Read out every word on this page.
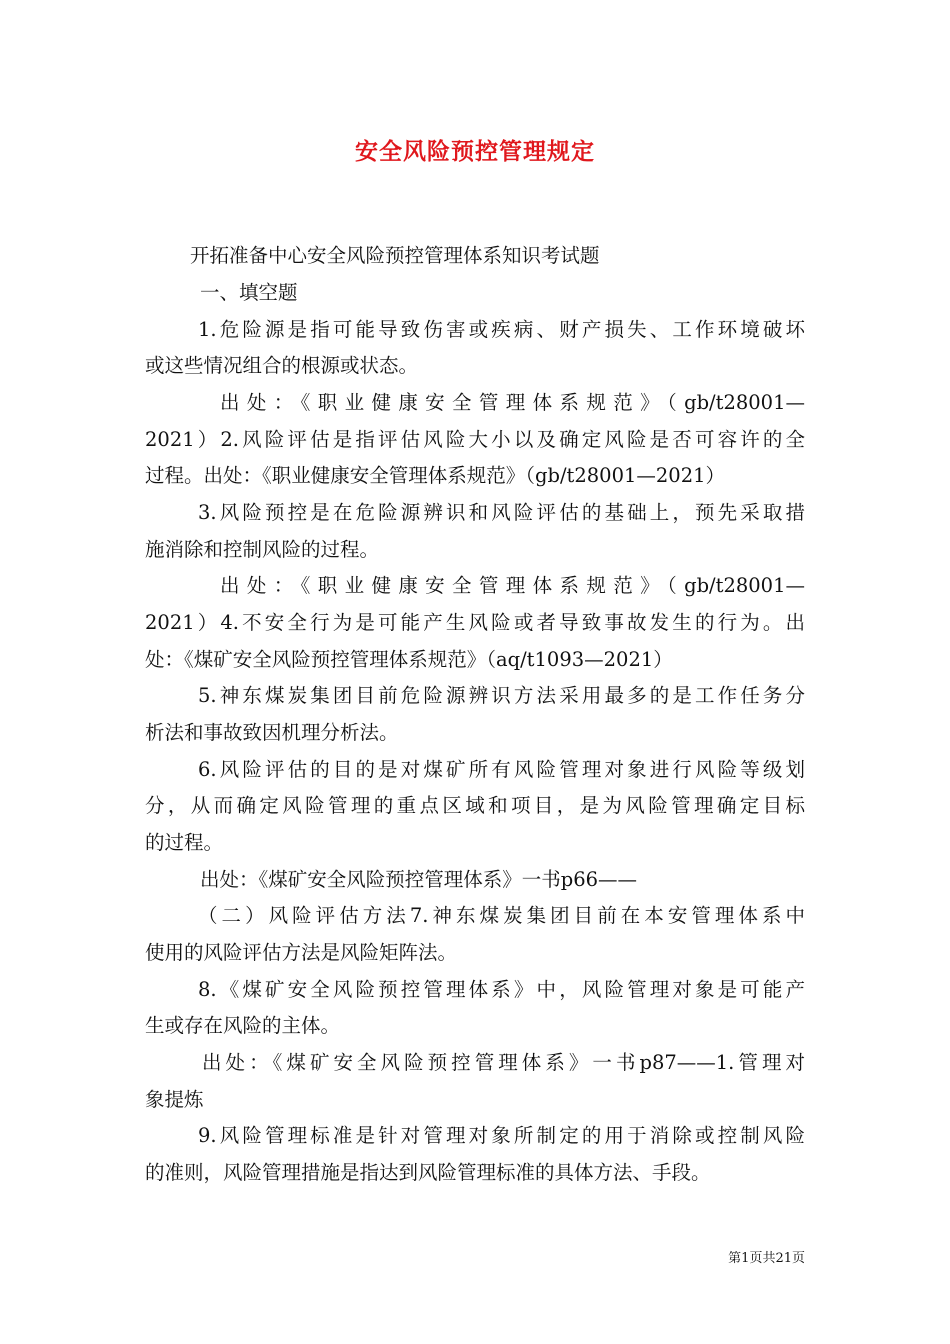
安全风险预控管理规定
开拓准备中心安全风险预控管理体系知识考试题
一、填空题
1.危险源是指可能导致伤害或疾病、财产损失、工作环境破坏
或这些情况组合的根源或状态。
出处：《职业健康安全管理体系规范》（gb/t28001—
2021）2.风险评估是指评估风险大小以及确定风险是否可容许的全
过程。出处：《职业健康安全管理体系规范》（gb/t28001—2021）
3.风险预控是在危险源辨识和风险评估的基础上，预先采取措
施消除和控制风险的过程。
出处：《职业健康安全管理体系规范》（gb/t28001—
2021）4.不安全行为是可能产生风险或者导致事故发生的行为。出
处：《煤矿安全风险预控管理体系规范》（aq/t1093—2021）
5.神东煤炭集团目前危险源辨识方法采用最多的是工作任务分
析法和事故致因机理分析法。
6.风险评估的目的是对煤矿所有风险管理对象进行风险等级划
分，从而确定风险管理的重点区域和项目，是为风险管理确定目标
的过程。
出处：《煤矿安全风险预控管理体系》一书p66——
（二）风险评估方法7.神东煤炭集团目前在本安管理体系中
使用的风险评估方法是风险矩阵法。
8.《煤矿安全风险预控管理体系》中，风险管理对象是可能产
生或存在风险的主体。
出处：《煤矿安全风险预控管理体系》一书p87——1.管理对
象提炼
9.风险管理标准是针对管理对象所制定的用于消除或控制风险
的准则，风险管理措施是指达到风险管理标准的具体方法、手段。
第1页共21页
